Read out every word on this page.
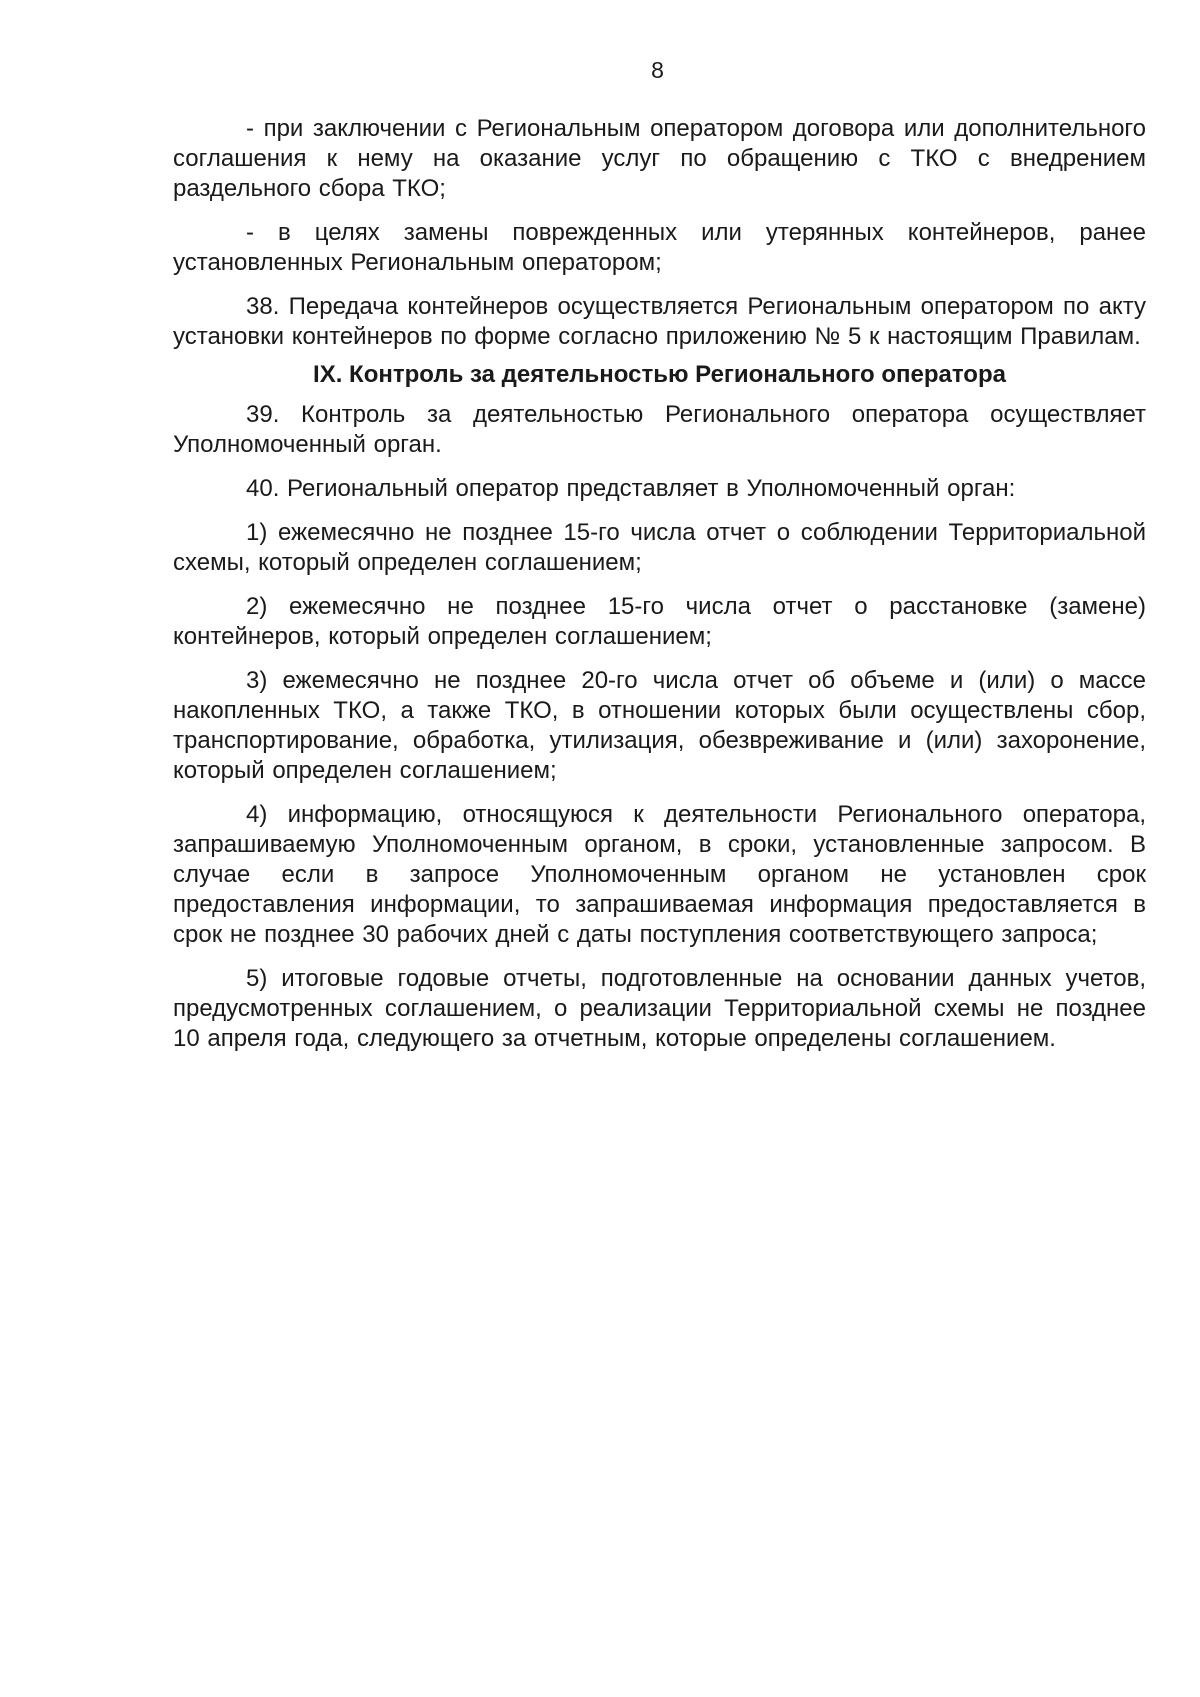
8

- при заключении с Региональным оператором договора или дополнительного соглашения к нему на оказание услуг по обращению с ТКО с внедрением раздельного сбора ТКО;

- в целях замены поврежденных или утерянных контейнеров, ранее установленных Региональным оператором;

38. Передача контейнеров осуществляется Региональным оператором по акту установки контейнеров по форме согласно приложению № 5 к настоящим Правилам.

IX. Контроль за деятельностью Регионального оператора

39. Контроль за деятельностью Регионального оператора осуществляет Уполномоченный орган.

40. Региональный оператор представляет в Уполномоченный орган:

1) ежемесячно не позднее 15-го числа отчет о соблюдении Территориальной схемы, который определен соглашением;

2) ежемесячно не позднее 15-го числа отчет о расстановке (замене) контейнеров, который определен соглашением;

3) ежемесячно не позднее 20-го числа отчет об объеме и (или) о массе накопленных ТКО, а также ТКО, в отношении которых были осуществлены сбор, транспортирование, обработка, утилизация, обезвреживание и (или) захоронение, который определен соглашением;

4) информацию, относящуюся к деятельности Регионального оператора, запрашиваемую Уполномоченным органом, в сроки, установленные запросом. В случае если в запросе Уполномоченным органом не установлен срок предоставления информации, то запрашиваемая информация предоставляется в срок не позднее 30 рабочих дней с даты поступления соответствующего запроса;

5) итоговые годовые отчеты, подготовленные на основании данных учетов, предусмотренных соглашением, о реализации Территориальной схемы не позднее 10 апреля года, следующего за отчетным, которые определены соглашением.
